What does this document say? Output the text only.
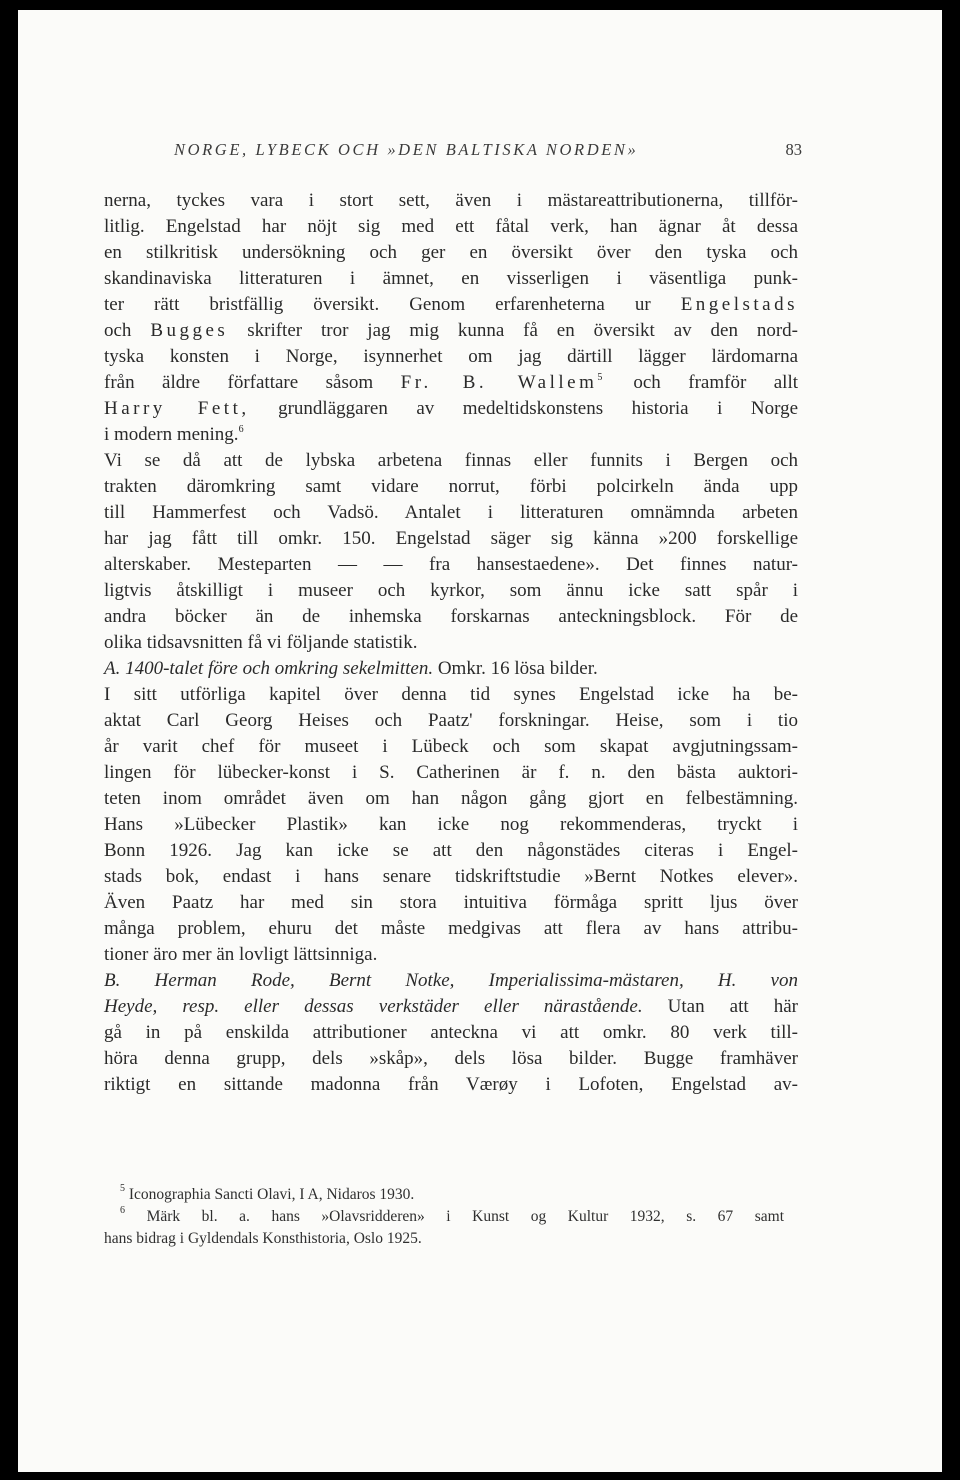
NORGE, LYBECK OCH »DEN BALTISKA NORDEN»	83
nerna, tyckes vara i stort sett, även i mästareattributionerna, tillför-
litlig. Engelstad har nöjt sig med ett fåtal verk, han ägnar åt dessa
en stilkritisk undersökning och ger en översikt över den tyska och
skandinaviska litteraturen i ämnet, en visserligen i väsentliga punk-
ter rätt bristfällig översikt. Genom erfarenheterna ur Engelstads
och Bugges skrifter tror jag mig kunna få en översikt av den nord-
tyska konsten i Norge, isynnerhet om jag därtill lägger lärdomarna
från äldre författare såsom Fr. B. Wallem$^5$ och framför allt
Harry Fett, grundläggaren av medeltidskonstens historia i Norge
i modern mening.$^6$
Vi se då att de lybska arbetena finnas eller funnits i Bergen och
trakten däromkring samt vidare norrut, förbi polcirkeln ända upp
till Hammerfest och Vadsö. Antalet i litteraturen omnämnda arbeten
har jag fått till omkr. 150. Engelstad säger sig känna »200 forskellige
alterskaber. Mesteparten — — fra hansestaedene». Det finnes natur-
ligtvis åtskilligt i museer och kyrkor, som ännu icke satt spår i
andra böcker än de inhemska forskarnas anteckningsblock. För de
olika tidsavsnitten få vi följande statistik.
A. 1400-talet före och omkring sekelmitten. Omkr. 16 lösa bilder.
I sitt utförliga kapitel över denna tid synes Engelstad icke ha be-
aktat Carl Georg Heises och Paatz' forskningar. Heise, som i tio
år varit chef för museet i Lübeck och som skapat avgjutningssam-
lingen för lübecker-konst i S. Catherinen är f. n. den bästa auktori-
teten inom området även om han någon gång gjort en felbestämning.
Hans »Lübecker Plastik» kan icke nog rekommenderas, tryckt i
Bonn 1926. Jag kan icke se att den någonstädes citeras i Engel-
stads bok, endast i hans senare tidskriftstudie »Bernt Notkes elever».
Även Paatz har med sin stora intuitiva förmåga spritt ljus över
många problem, ehuru det måste medgivas att flera av hans attribu-
tioner äro mer än lovligt lättsinniga.
B. Herman Rode, Bernt Notke, Imperialissima-mästaren, H. von
Heyde, resp. eller dessas verkstäder eller närastående. Utan att här
gå in på enskilda attributioner anteckna vi att omkr. 80 verk till-
höra denna grupp, dels »skåp», dels lösa bilder. Bugge framhäver
riktigt en sittande madonna från Værøy i Lofoten, Engelstad av-
$^5$ Iconographia Sancti Olavi, I A, Nidaros 1930.
$^6$ Märk bl. a. hans »Olavsridderen» i Kunst og Kultur 1932, s. 67 samt
hans bidrag i Gyldendals Konsthistoria, Oslo 1925.
